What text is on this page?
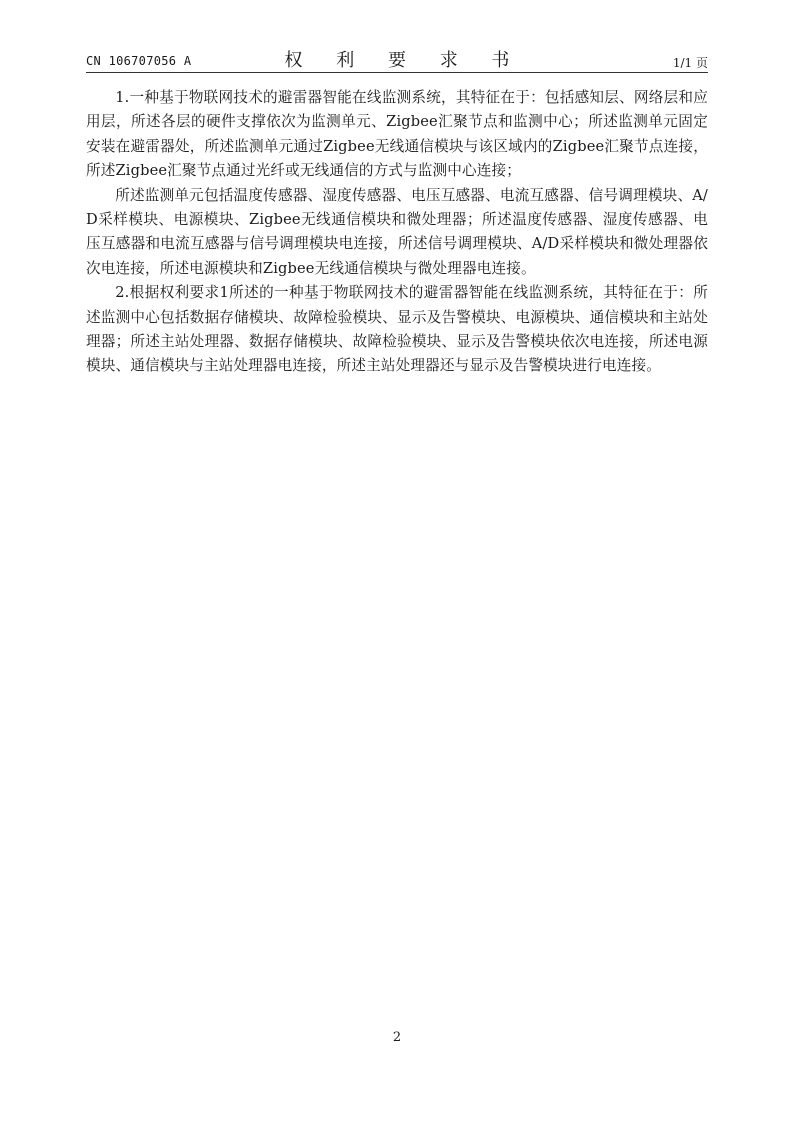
CN 106707056 A	权 利 要 求 书	1/1 页

1.一种基于物联网技术的避雷器智能在线监测系统，其特征在于：包括感知层、网络层和应用层，所述各层的硬件支撑依次为监测单元、Zigbee汇聚节点和监测中心；所述监测单元固定安装在避雷器处，所述监测单元通过Zigbee无线通信模块与该区域内的Zigbee汇聚节点连接，所述Zigbee汇聚节点通过光纤或无线通信的方式与监测中心连接；

所述监测单元包括温度传感器、湿度传感器、电压互感器、电流互感器、信号调理模块、A/D采样模块、电源模块、Zigbee无线通信模块和微处理器；所述温度传感器、湿度传感器、电压互感器和电流互感器与信号调理模块电连接，所述信号调理模块、A/D采样模块和微处理器依次电连接，所述电源模块和Zigbee无线通信模块与微处理器电连接。

2.根据权利要求1所述的一种基于物联网技术的避雷器智能在线监测系统，其特征在于：所述监测中心包括数据存储模块、故障检验模块、显示及告警模块、电源模块、通信模块和主站处理器；所述主站处理器、数据存储模块、故障检验模块、显示及告警模块依次电连接，所述电源模块、通信模块与主站处理器电连接，所述主站处理器还与显示及告警模块进行电连接。

2
